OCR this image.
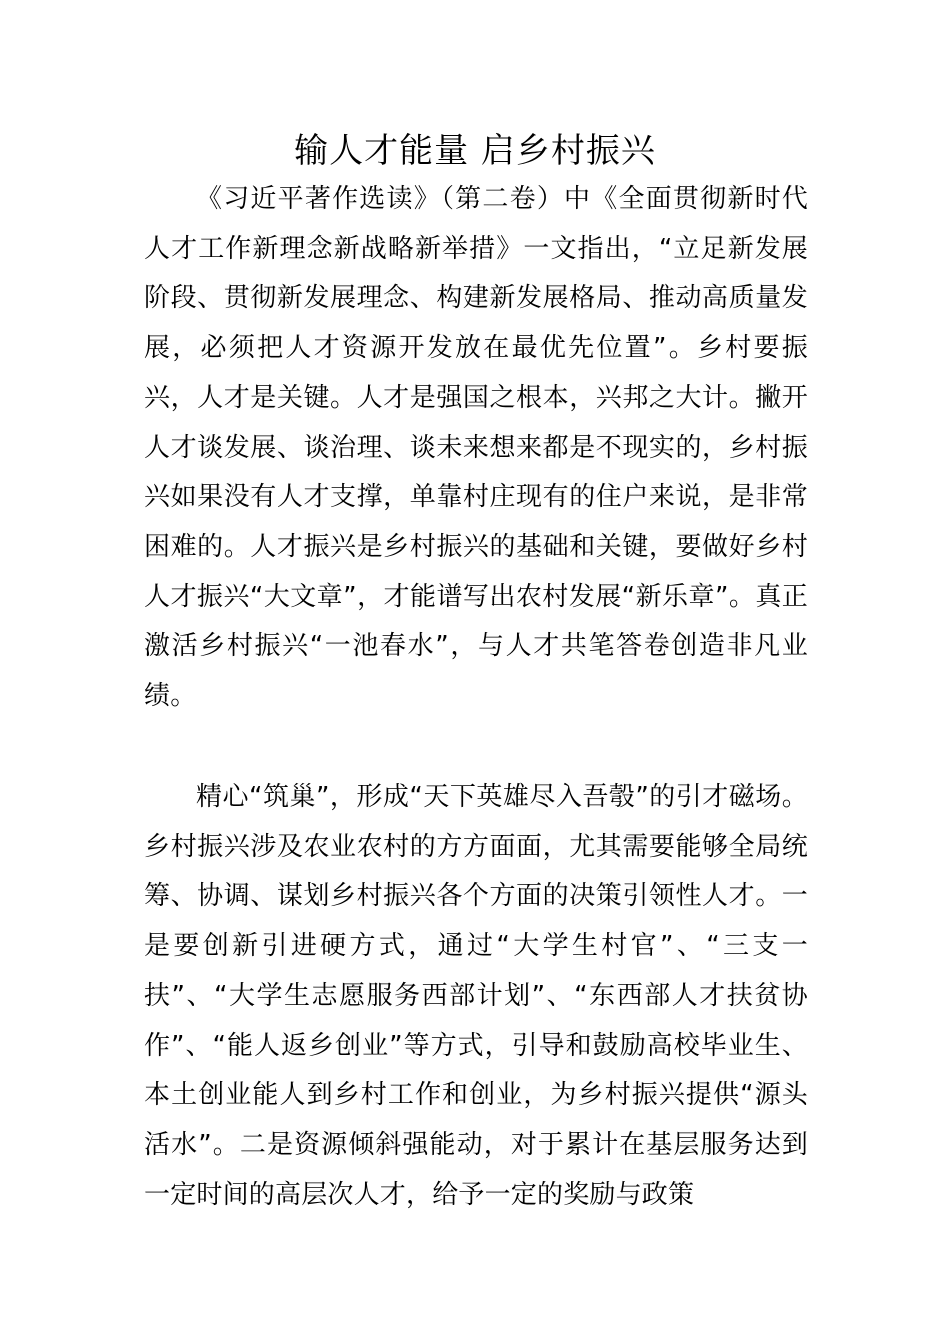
输人才能量 启乡村振兴

《习近平著作选读》（第二卷）中《全面贯彻新时代人才工作新理念新战略新举措》一文指出，“立足新发展阶段、贯彻新发展理念、构建新发展格局、推动高质量发展，必须把人才资源开发放在最优先位置”。乡村要振兴，人才是关键。人才是强国之根本，兴邦之大计。撇开人才谈发展、谈治理、谈未来想来都是不现实的，乡村振兴如果没有人才支撑，单靠村庄现有的住户来说，是非常困难的。人才振兴是乡村振兴的基础和关键，要做好乡村人才振兴“大文章”，才能谱写出农村发展“新乐章”。真正激活乡村振兴“一池春水”，与人才共笔答卷创造非凡业绩。

精心“筑巢”，形成“天下英雄尽入吾彀”的引才磁场。乡村振兴涉及农业农村的方方面面，尤其需要能够全局统筹、协调、谋划乡村振兴各个方面的决策引领性人才。一是要创新引进硬方式，通过“大学生村官”、“三支一扶”、“大学生志愿服务西部计划”、“东西部人才扶贫协作”、“能人返乡创业”等方式，引导和鼓励高校毕业生、本土创业能人到乡村工作和创业，为乡村振兴提供“源头活水”。二是资源倾斜强能动，对于累计在基层服务达到一定时间的高层次人才，给予一定的奖励与政策
